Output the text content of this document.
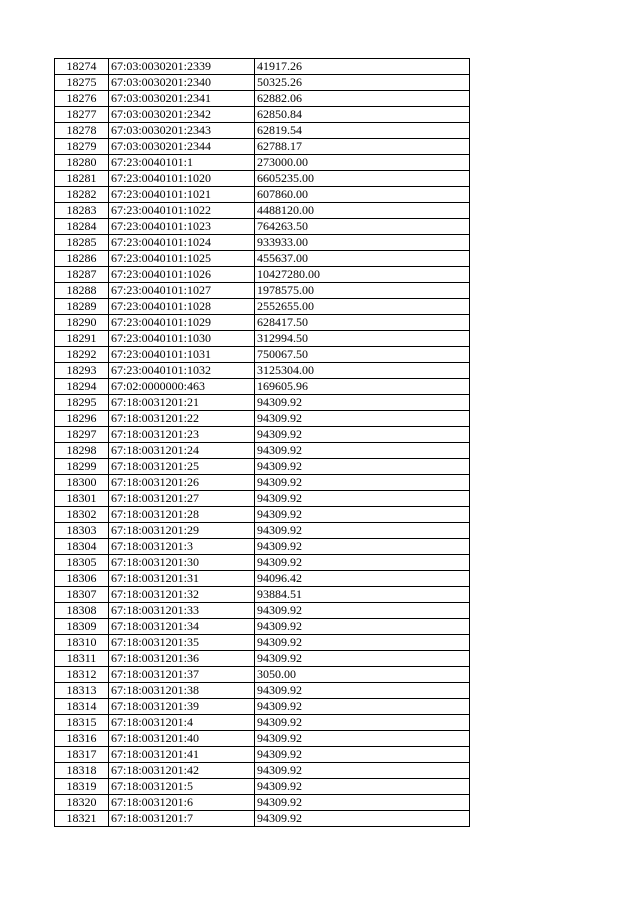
18274	67:03:0030201:2339	41917.26
18275	67:03:0030201:2340	50325.26
18276	67:03:0030201:2341	62882.06
18277	67:03:0030201:2342	62850.84
18278	67:03:0030201:2343	62819.54
18279	67:03:0030201:2344	62788.17
18280	67:23:0040101:1	273000.00
18281	67:23:0040101:1020	6605235.00
18282	67:23:0040101:1021	607860.00
18283	67:23:0040101:1022	4488120.00
18284	67:23:0040101:1023	764263.50
18285	67:23:0040101:1024	933933.00
18286	67:23:0040101:1025	455637.00
18287	67:23:0040101:1026	10427280.00
18288	67:23:0040101:1027	1978575.00
18289	67:23:0040101:1028	2552655.00
18290	67:23:0040101:1029	628417.50
18291	67:23:0040101:1030	312994.50
18292	67:23:0040101:1031	750067.50
18293	67:23:0040101:1032	3125304.00
18294	67:02:0000000:463	169605.96
18295	67:18:0031201:21	94309.92
18296	67:18:0031201:22	94309.92
18297	67:18:0031201:23	94309.92
18298	67:18:0031201:24	94309.92
18299	67:18:0031201:25	94309.92
18300	67:18:0031201:26	94309.92
18301	67:18:0031201:27	94309.92
18302	67:18:0031201:28	94309.92
18303	67:18:0031201:29	94309.92
18304	67:18:0031201:3	94309.92
18305	67:18:0031201:30	94309.92
18306	67:18:0031201:31	94096.42
18307	67:18:0031201:32	93884.51
18308	67:18:0031201:33	94309.92
18309	67:18:0031201:34	94309.92
18310	67:18:0031201:35	94309.92
18311	67:18:0031201:36	94309.92
18312	67:18:0031201:37	3050.00
18313	67:18:0031201:38	94309.92
18314	67:18:0031201:39	94309.92
18315	67:18:0031201:4	94309.92
18316	67:18:0031201:40	94309.92
18317	67:18:0031201:41	94309.92
18318	67:18:0031201:42	94309.92
18319	67:18:0031201:5	94309.92
18320	67:18:0031201:6	94309.92
18321	67:18:0031201:7	94309.92
